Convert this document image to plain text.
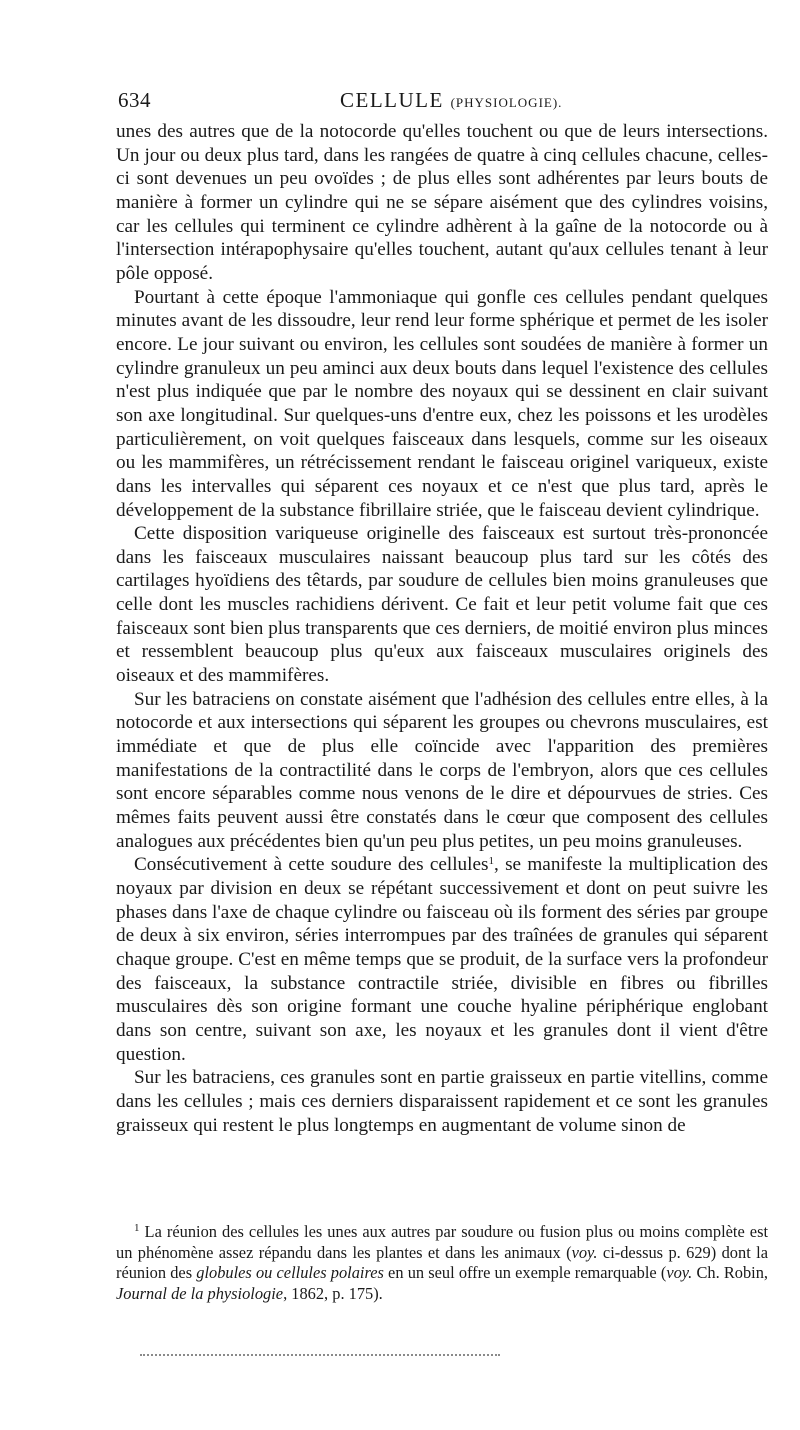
634	CELLULE (PHYSIOLOGIE).

unes des autres que de la notocorde qu'elles touchent ou que de leurs intersections. Un jour ou deux plus tard, dans les rangées de quatre à cinq cellules chacune, celles-ci sont devenues un peu ovoïdes ; de plus elles sont adhérentes par leurs bouts de manière à former un cylindre qui ne se sépare aisément que des cylindres voisins, car les cellules qui terminent ce cylindre adhèrent à la gaîne de la notocorde ou à l'intersection intérapophysaire qu'elles touchent, autant qu'aux cellules tenant à leur pôle opposé.

Pourtant à cette époque l'ammoniaque qui gonfle ces cellules pendant quelques minutes avant de les dissoudre, leur rend leur forme sphérique et permet de les isoler encore. Le jour suivant ou environ, les cellules sont soudées de manière à former un cylindre granuleux un peu aminci aux deux bouts dans lequel l'existence des cellules n'est plus indiquée que par le nombre des noyaux qui se dessinent en clair suivant son axe longitudinal. Sur quelques-uns d'entre eux, chez les poissons et les urodèles particulièrement, on voit quelques faisceaux dans lesquels, comme sur les oiseaux ou les mammifères, un rétrécissement rendant le faisceau originel variqueux, existe dans les intervalles qui séparent ces noyaux et ce n'est que plus tard, après le développement de la substance fibrillaire striée, que le faisceau devient cylindrique.

Cette disposition variqueuse originelle des faisceaux est surtout très-prononcée dans les faisceaux musculaires naissant beaucoup plus tard sur les côtés des cartilages hyoïdiens des têtards, par soudure de cellules bien moins granuleuses que celle dont les muscles rachidiens dérivent. Ce fait et leur petit volume fait que ces faisceaux sont bien plus transparents que ces derniers, de moitié environ plus minces et ressemblent beaucoup plus qu'eux aux faisceaux musculaires originels des oiseaux et des mammifères.

Sur les batraciens on constate aisément que l'adhésion des cellules entre elles, à la notocorde et aux intersections qui séparent les groupes ou chevrons musculaires, est immédiate et que de plus elle coïncide avec l'apparition des premières manifestations de la contractilité dans le corps de l'embryon, alors que ces cellules sont encore séparables comme nous venons de le dire et dépourvues de stries. Ces mêmes faits peuvent aussi être constatés dans le cœur que composent des cellules analogues aux précédentes bien qu'un peu plus petites, un peu moins granuleuses.

Consécutivement à cette soudure des cellules$^1$, se manifeste la multiplication des noyaux par division en deux se répétant successivement et dont on peut suivre les phases dans l'axe de chaque cylindre ou faisceau où ils forment des séries par groupe de deux à six environ, séries interrompues par des traînées de granules qui séparent chaque groupe. C'est en même temps que se produit, de la surface vers la profondeur des faisceaux, la substance contractile striée, divisible en fibres ou fibrilles musculaires dès son origine formant une couche hyaline périphérique englobant dans son centre, suivant son axe, les noyaux et les granules dont il vient d'être question.

Sur les batraciens, ces granules sont en partie graisseux en partie vitellins, comme dans les cellules ; mais ces derniers disparaissent rapidement et ce sont les granules graisseux qui restent le plus longtemps en augmentant de volume sinon de

$^1$ La réunion des cellules les unes aux autres par soudure ou fusion plus ou moins complète est un phénomène assez répandu dans les plantes et dans les animaux (voy. ci-dessus p. 629) dont la réunion des globules ou cellules polaires en un seul offre un exemple remarquable (voy. Ch. Robin, Journal de la physiologie, 1862, p. 175).
